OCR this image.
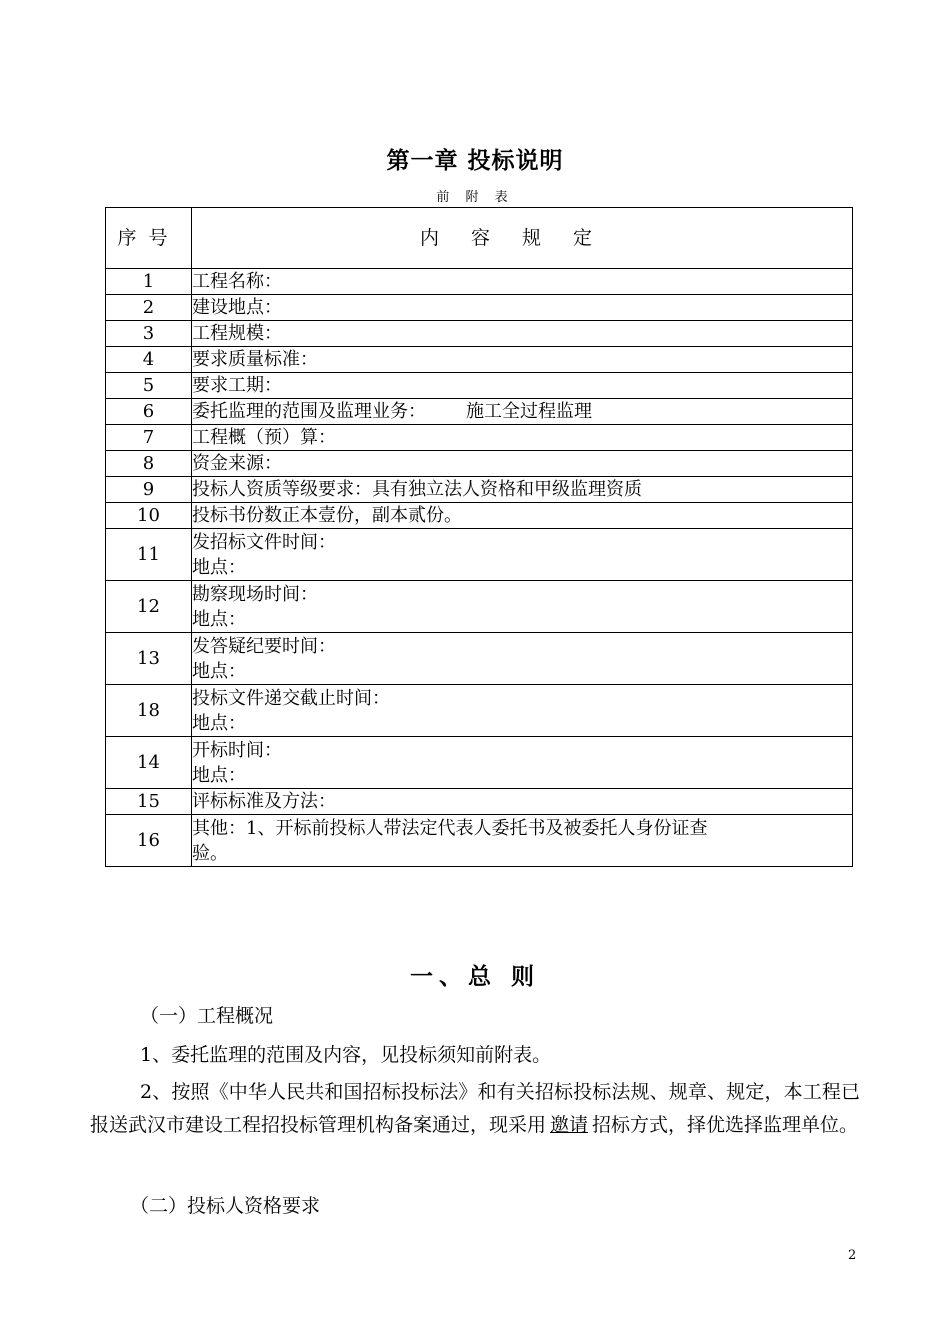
第一章 投标说明
前 附 表
序号	内容规定
1	工程名称：

2	建设地点：

3	工程规模：

4	要求质量标准：

5	要求工期：

6	委托监理的范围及监理业务： 施工全过程监理

7	工程概（预）算：

8	资金来源：

9	投标人资质等级要求：具有独立法人资格和甲级监理资质

10	投标书份数正本壹份，副本贰份。

11	发招标文件时间：
地点：

12	勘察现场时间：
地点：

13	发答疑纪要时间：
地点：

18	投标文件递交截止时间：
地点：

14	开标时间：
地点：

15	评标标准及方法：

16	其他：1、开标前投标人带法定代表人委托书及被委托人身份证查
验。
一、总 则
（一）工程概况
1、委托监理的范围及内容，见投标须知前附表。
2、按照《中华人民共和国招标投标法》和有关招标投标法规、规章、规定，本工程已报送武汉市建设工程招投标管理机构备案通过，现采用 邀请 招标方式，择优选择监理单位。
（二）投标人资格要求
2
